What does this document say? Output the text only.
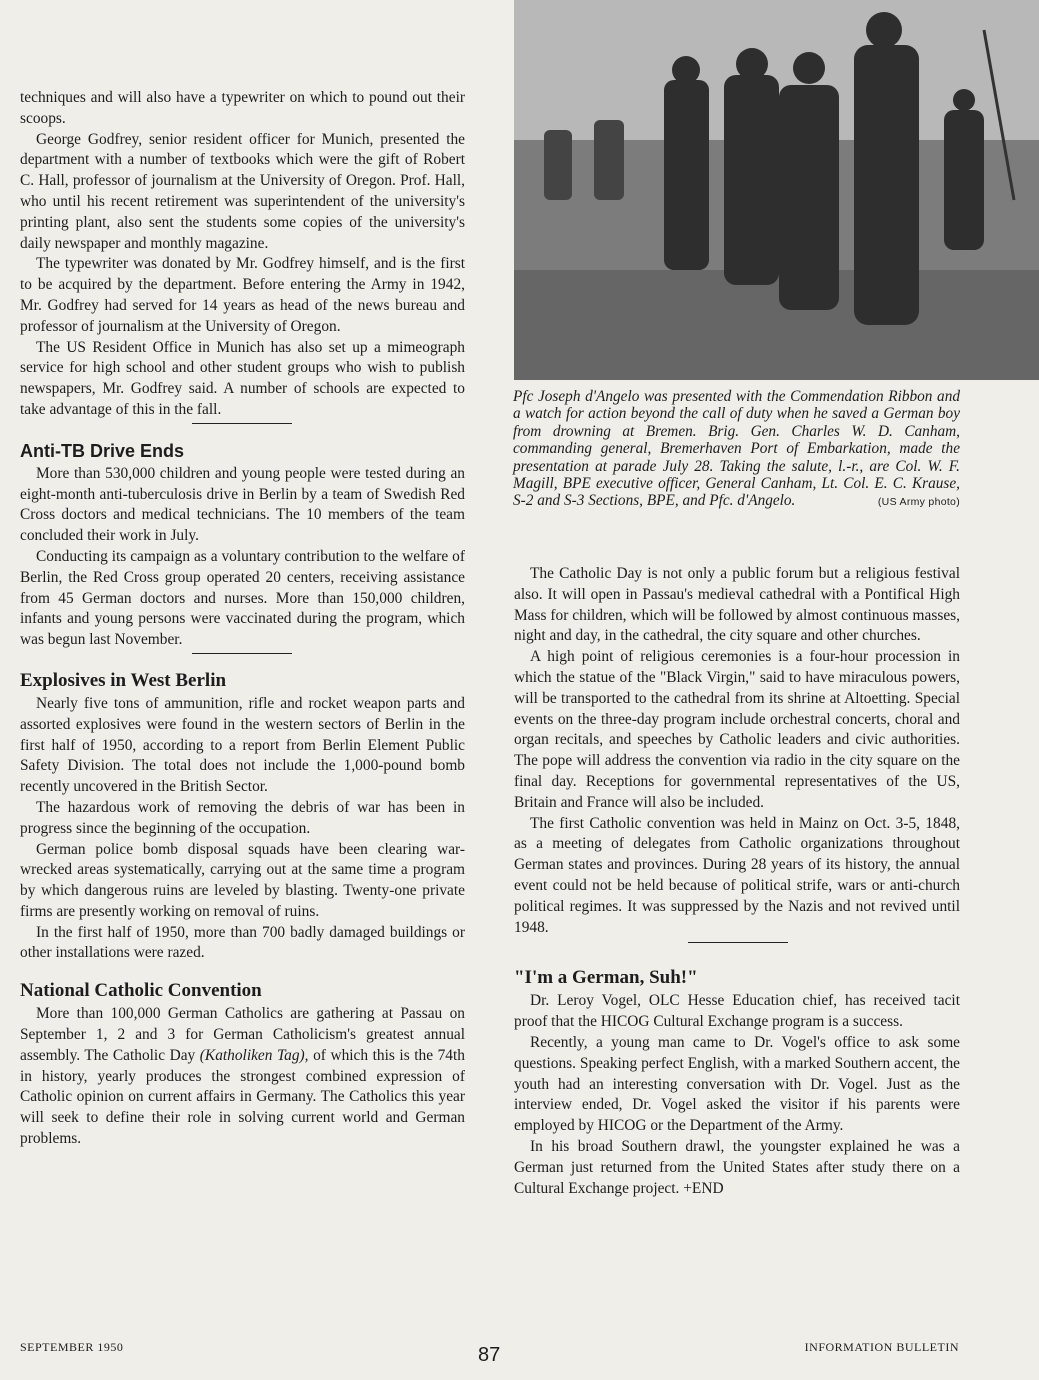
Pfc Joseph d'Angelo was presented with the Commendation Ribbon and a watch for action beyond the call of duty when he saved a German boy from drowning at Bremen. Brig. Gen. Charles W. D. Canham, commanding general, Bremerhaven Port of Embarkation, made the presentation at parade July 28. Taking the salute, l.-r., are Col. W. F. Magill, BPE executive officer, General Canham, Lt. Col. E. C. Krause, S-2 and S-3 Sections, BPE, and Pfc. d'Angelo.	(US Army photo)

techniques and will also have a typewriter on which to pound out their scoops.

George Godfrey, senior resident officer for Munich, presented the department with a number of textbooks which were the gift of Robert C. Hall, professor of journalism at the University of Oregon. Prof. Hall, who until his recent retirement was superintendent of the university's printing plant, also sent the students some copies of the university's daily newspaper and monthly magazine.

The typewriter was donated by Mr. Godfrey himself, and is the first to be acquired by the department. Before entering the Army in 1942, Mr. Godfrey had served for 14 years as head of the news bureau and professor of journalism at the University of Oregon.

The US Resident Office in Munich has also set up a mimeograph service for high school and other student groups who wish to publish newspapers, Mr. Godfrey said. A number of schools are expected to take advantage of this in the fall.

Anti-TB Drive Ends

More than 530,000 children and young people were tested during an eight-month anti-tuberculosis drive in Berlin by a team of Swedish Red Cross doctors and medical technicians. The 10 members of the team concluded their work in July.

Conducting its campaign as a voluntary contribution to the welfare of Berlin, the Red Cross group operated 20 centers, receiving assistance from 45 German doctors and nurses. More than 150,000 children, infants and young persons were vaccinated during the program, which was begun last November.

Explosives in West Berlin

Nearly five tons of ammunition, rifle and rocket weapon parts and assorted explosives were found in the western sectors of Berlin in the first half of 1950, according to a report from Berlin Element Public Safety Division. The total does not include the 1,000-pound bomb recently uncovered in the British Sector.

The hazardous work of removing the debris of war has been in progress since the beginning of the occupation.

German police bomb disposal squads have been clearing war-wrecked areas systematically, carrying out at the same time a program by which dangerous ruins are leveled by blasting. Twenty-one private firms are presently working on removal of ruins.

In the first half of 1950, more than 700 badly damaged buildings or other installations were razed.

National Catholic Convention

More than 100,000 German Catholics are gathering at Passau on September 1, 2 and 3 for German Catholicism's greatest annual assembly. The Catholic Day (Katholiken Tag), of which this is the 74th in history, yearly produces the strongest combined expression of Catholic opinion on current affairs in Germany. The Catholics this year will seek to define their role in solving current world and German problems.

The Catholic Day is not only a public forum but a religious festival also. It will open in Passau's medieval cathedral with a Pontifical High Mass for children, which will be followed by almost continuous masses, night and day, in the cathedral, the city square and other churches.

A high point of religious ceremonies is a four-hour procession in which the statue of the "Black Virgin," said to have miraculous powers, will be transported to the cathedral from its shrine at Altoetting. Special events on the three-day program include orchestral concerts, choral and organ recitals, and speeches by Catholic leaders and civic authorities. The pope will address the convention via radio in the city square on the final day. Receptions for governmental representatives of the US, Britain and France will also be included.

The first Catholic convention was held in Mainz on Oct. 3-5, 1848, as a meeting of delegates from Catholic organizations throughout German states and provinces. During 28 years of its history, the annual event could not be held because of political strife, wars or anti-church political regimes. It was suppressed by the Nazis and not revived until 1948.

"I'm a German, Suh!"

Dr. Leroy Vogel, OLC Hesse Education chief, has received tacit proof that the HICOG Cultural Exchange program is a success.

Recently, a young man came to Dr. Vogel's office to ask some questions. Speaking perfect English, with a marked Southern accent, the youth had an interesting conversation with Dr. Vogel. Just as the interview ended, Dr. Vogel asked the visitor if his parents were employed by HICOG or the Department of the Army.

In his broad Southern drawl, the youngster explained he was a German just returned from the United States after study there on a Cultural Exchange project. +END

SEPTEMBER 1950	87	INFORMATION BULLETIN
